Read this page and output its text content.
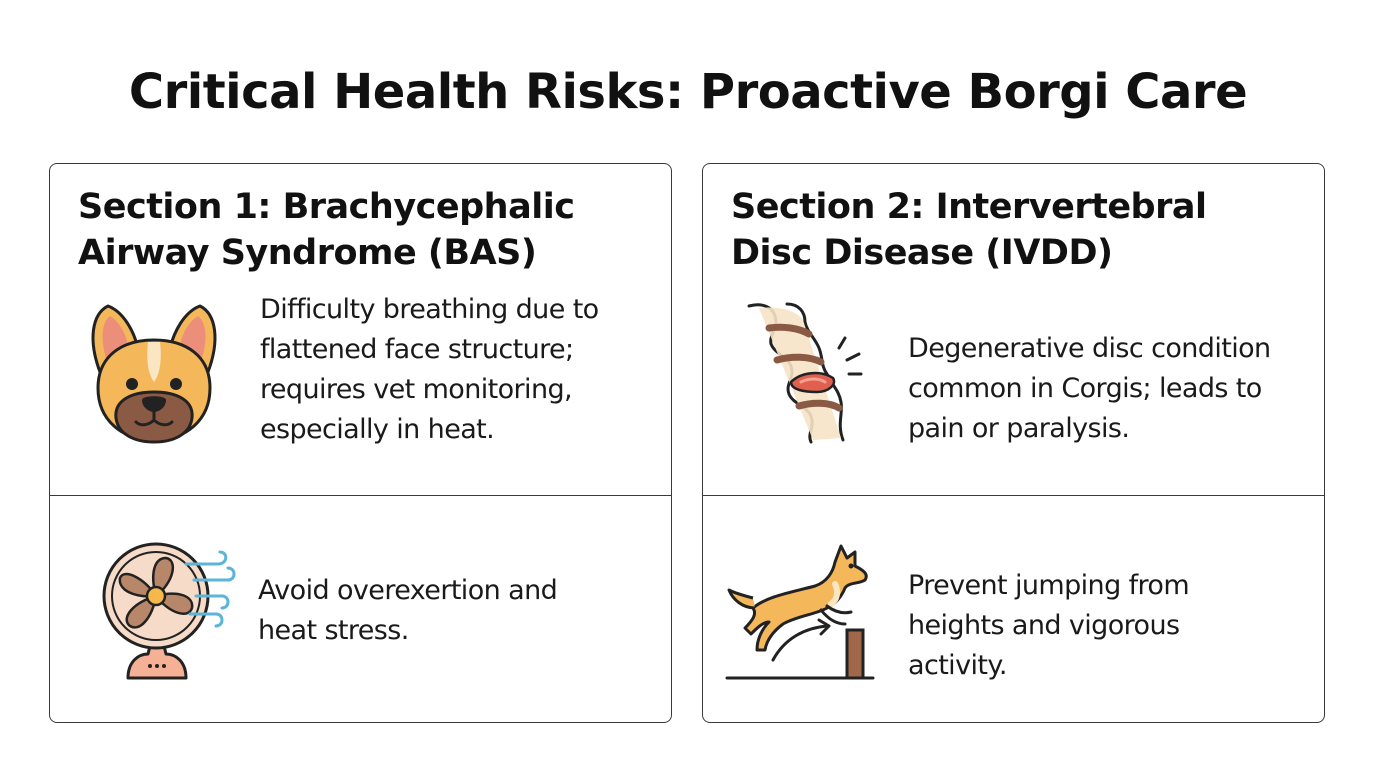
Critical Health Risks: Proactive Borgi Care
Section 1: Brachycephalic
Airway Syndrome (BAS)
Difficulty breathing due to
flattened face structure;
requires vet monitoring,
especially in heat.
Avoid overexertion and
heat stress.
Section 2: Intervertebral
Disc Disease (IVDD)
Degenerative disc condition
common in Corgis; leads to
pain or paralysis.
Prevent jumping from
heights and vigorous
activity.
